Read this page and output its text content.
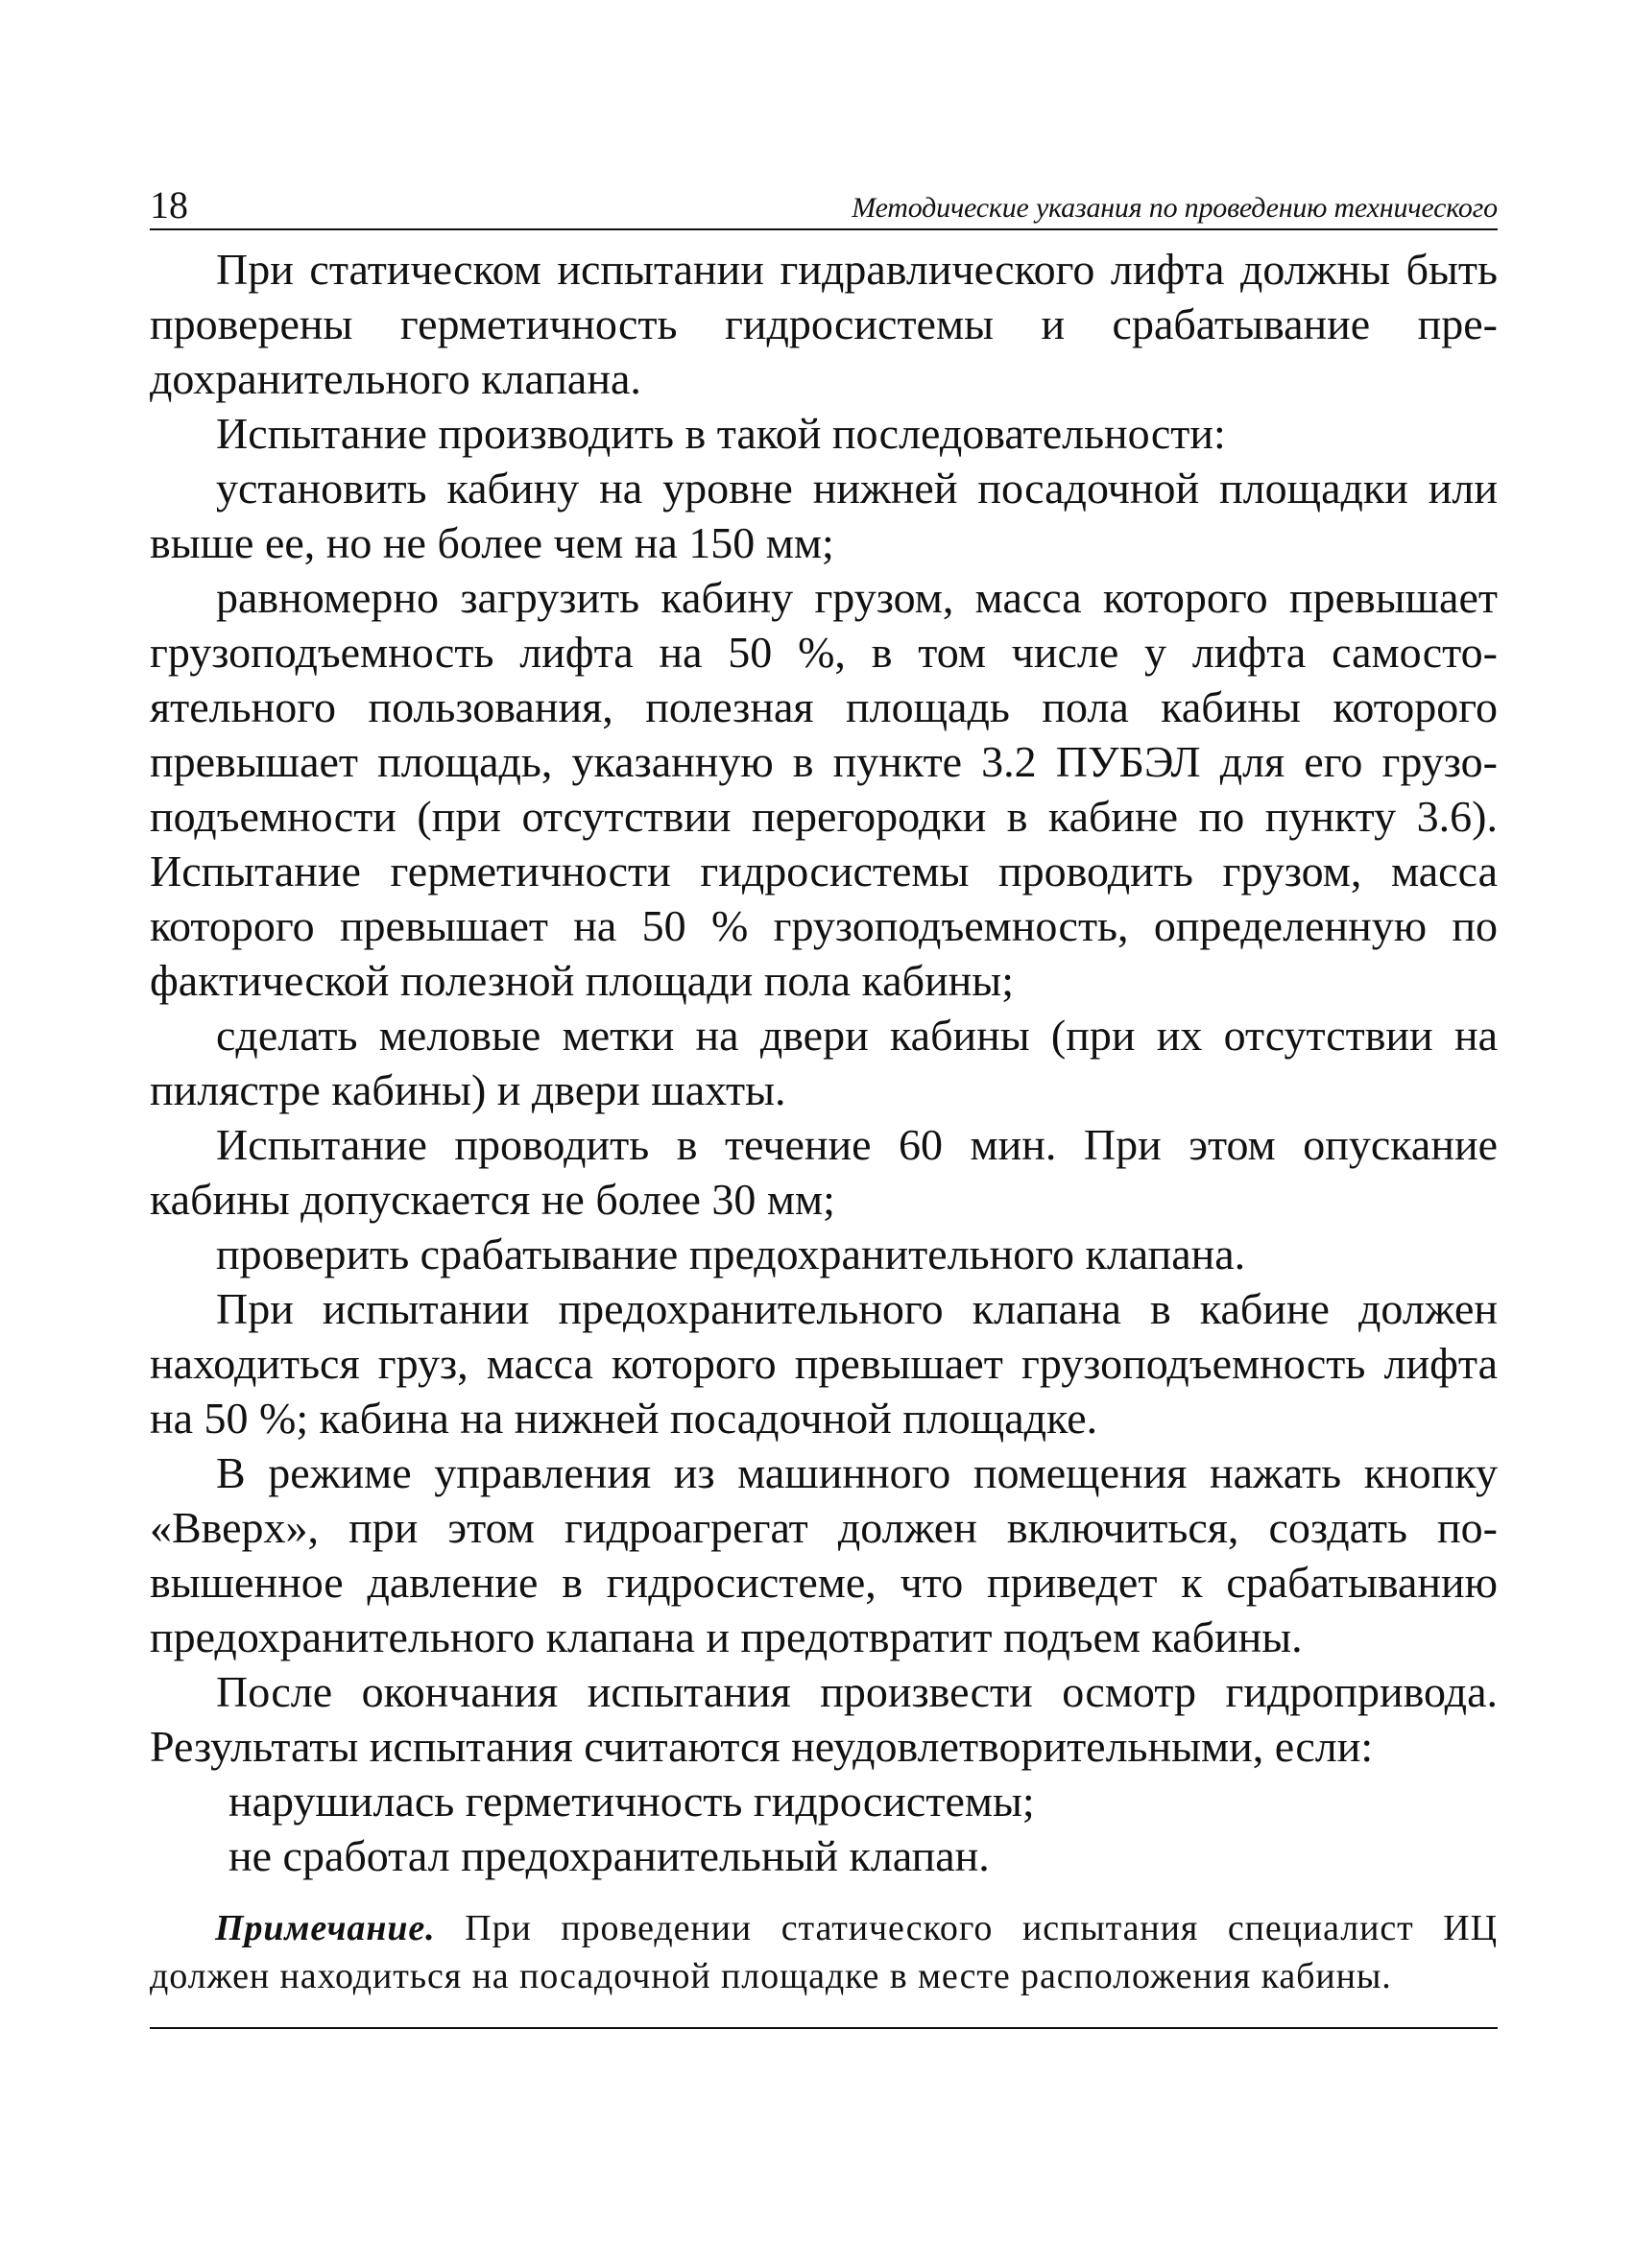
18	Методические указания по проведению технического

При статическом испытании гидравлического лифта должны быть проверены герметичность гидросистемы и срабатывание предохранительного клапана.

Испытание производить в такой последовательности:

установить кабину на уровне нижней посадочной площадки или выше ее, но не более чем на 150 мм;

равномерно загрузить кабину грузом, масса которого превышает грузоподъемность лифта на 50 %, в том числе у лифта самостоятельного пользования, полезная площадь пола кабины которого превышает площадь, указанную в пункте 3.2 ПУБЭЛ для его грузоподъемности (при отсутствии перегородки в кабине по пункту 3.6). Испытание герметичности гидросистемы проводить грузом, масса которого превышает на 50 % грузоподъемность, определенную по фактической полезной площади пола кабины;

сделать меловые метки на двери кабины (при их отсутствии на пилястре кабины) и двери шахты.

Испытание проводить в течение 60 мин. При этом опускание кабины допускается не более 30 мм;

проверить срабатывание предохранительного клапана.

При испытании предохранительного клапана в кабине должен находиться груз, масса которого превышает грузоподъемность лифта на 50 %; кабина на нижней посадочной площадке.

В режиме управления из машинного помещения нажать кнопку «Вверх», при этом гидроагрегат должен включиться, создать повышенное давление в гидросистеме, что приведет к срабатыванию предохранительного клапана и предотвратит подъем кабины.

После окончания испытания произвести осмотр гидропривода. Результаты испытания считаются неудовлетворительными, если:

нарушилась герметичность гидросистемы;

не сработал предохранительный клапан.

Примечание. При проведении статического испытания специалист ИЦ должен находиться на посадочной площадке в месте расположения кабины.
